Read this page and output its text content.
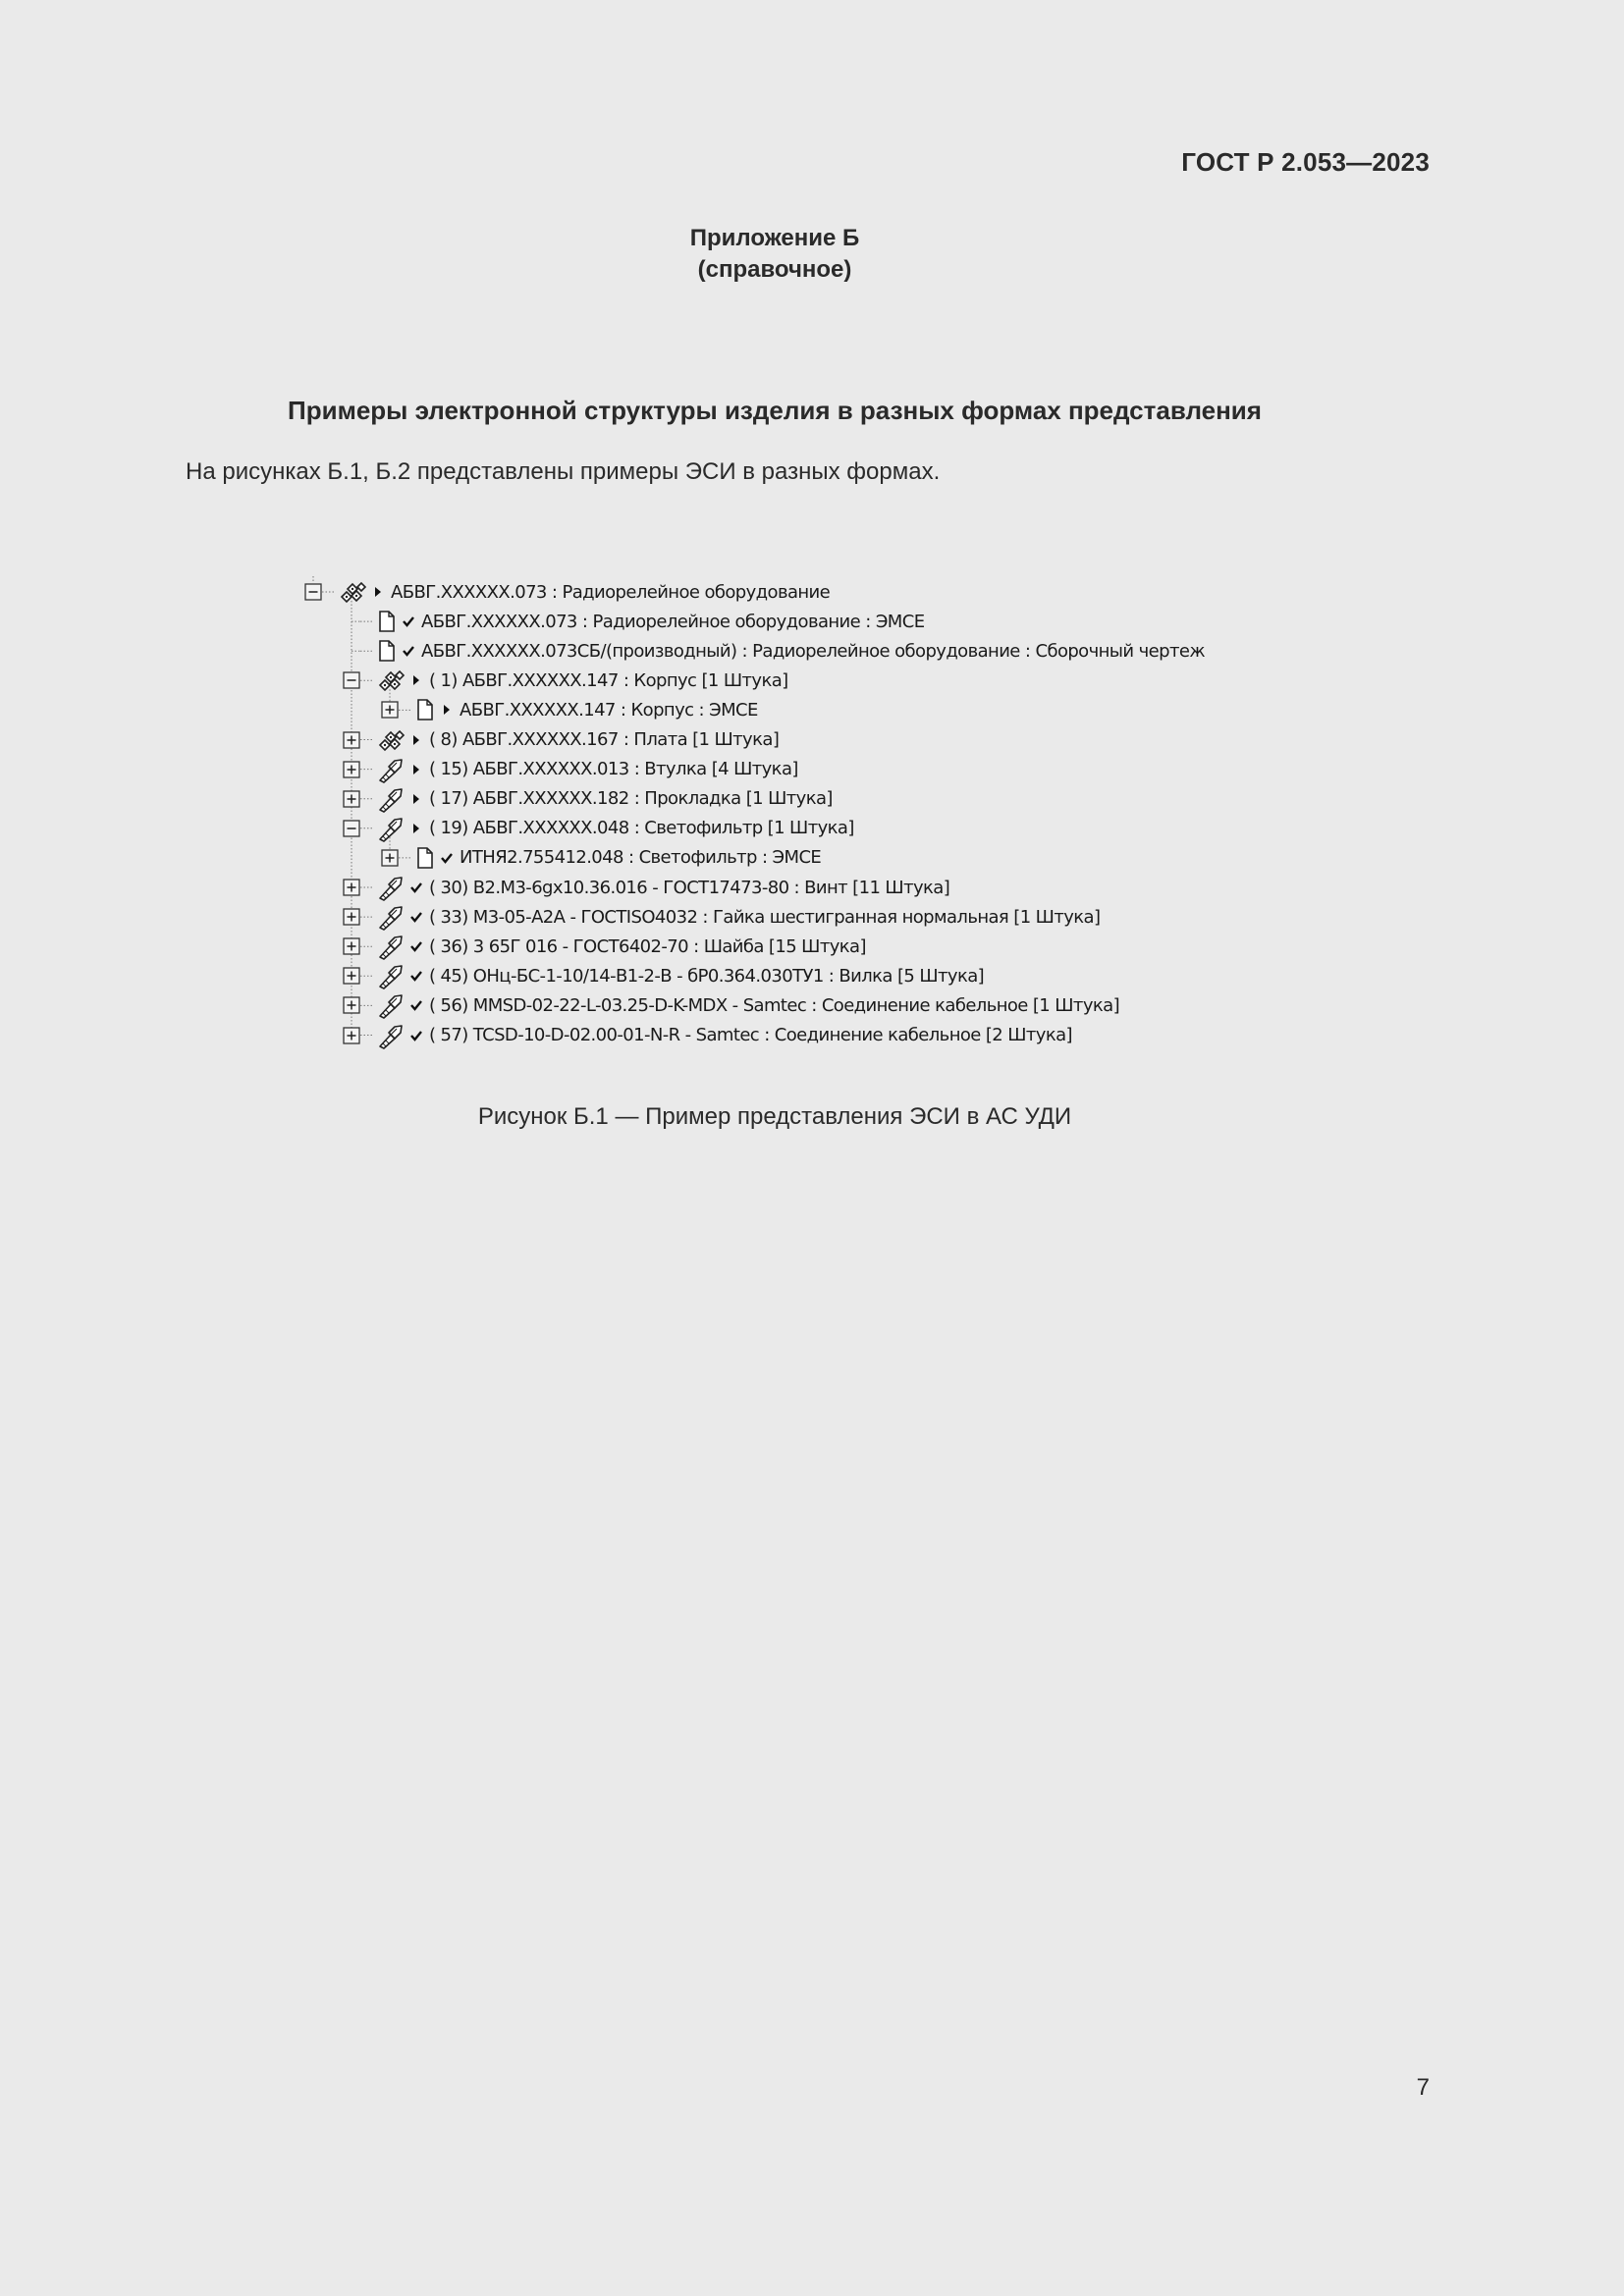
ГОСТ Р 2.053—2023
Приложение Б
(справочное)
Примеры электронной структуры изделия в разных формах представления
На рисунках Б.1, Б.2 представлены примеры ЭСИ в разных формах.
АБВГ.XXXXXX.073 : Радиорелейное оборудование
АБВГ.XXXXXX.073 : Радиорелейное оборудование : ЭМСЕ
АБВГ.XXXXXX.073СБ/(производный) : Радиорелейное оборудование : Сборочный чертеж
( 1) АБВГ.XXXXXX.147 : Корпус [1 Штука]
АБВГ.XXXXXX.147 : Корпус : ЭМСЕ
( 8) АБВГ.XXXXXX.167 : Плата [1 Штука]
( 15) АБВГ.XXXXXX.013 : Втулка [4 Штука]
( 17) АБВГ.XXXXXX.182 : Прокладка [1 Штука]
( 19) АБВГ.XXXXXX.048 : Светофильтр [1 Штука]
ИТНЯ2.755412.048 : Светофильтр : ЭМСЕ
( 30) В2.М3-6gх10.36.016 - ГОСТ17473-80 : Винт [11 Штука]
( 33) М3-05-А2А - ГОСТISO4032 : Гайка шестигранная нормальная [1 Штука]
( 36) 3 65Г 016 - ГОСТ6402-70 : Шайба [15 Штука]
( 45) ОНц-БС-1-10/14-В1-2-В - бР0.364.030ТУ1 : Вилка [5 Штука]
( 56) MMSD-02-22-L-03.25-D-K-MDX - Samtec : Соединение кабельное [1 Штука]
( 57) TCSD-10-D-02.00-01-N-R - Samtec : Соединение кабельное [2 Штука]
Рисунок Б.1 — Пример представления ЭСИ в АС УДИ
7
